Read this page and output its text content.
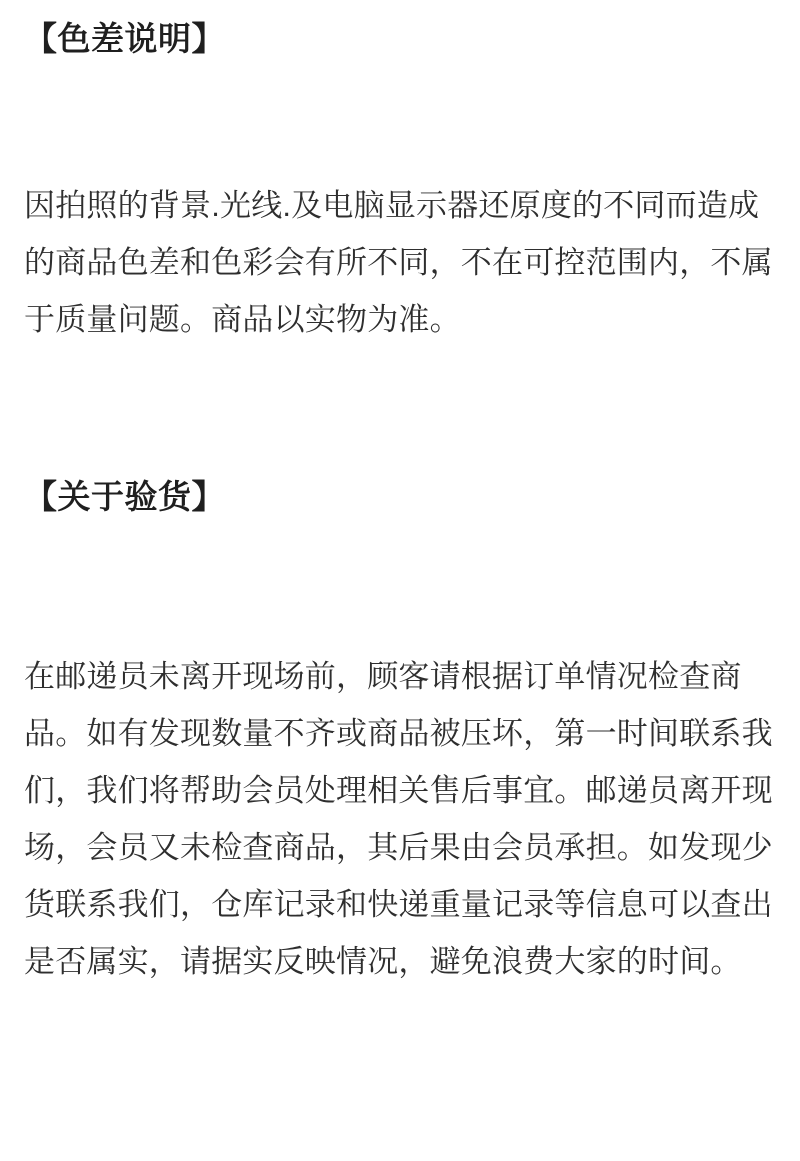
【色差说明】

因拍照的背景.光线.及电脑显示器还原度的不同而造成的商品色差和色彩会有所不同，不在可控范围内，不属于质量问题。商品以实物为准。

【关于验货】

在邮递员未离开现场前，顾客请根据订单情况检查商品。如有发现数量不齐或商品被压坏，第一时间联系我们，我们将帮助会员处理相关售后事宜。邮递员离开现场，会员又未检查商品，其后果由会员承担。如发现少货联系我们，仓库记录和快递重量记录等信息可以查出是否属实，请据实反映情况，避免浪费大家的时间。
